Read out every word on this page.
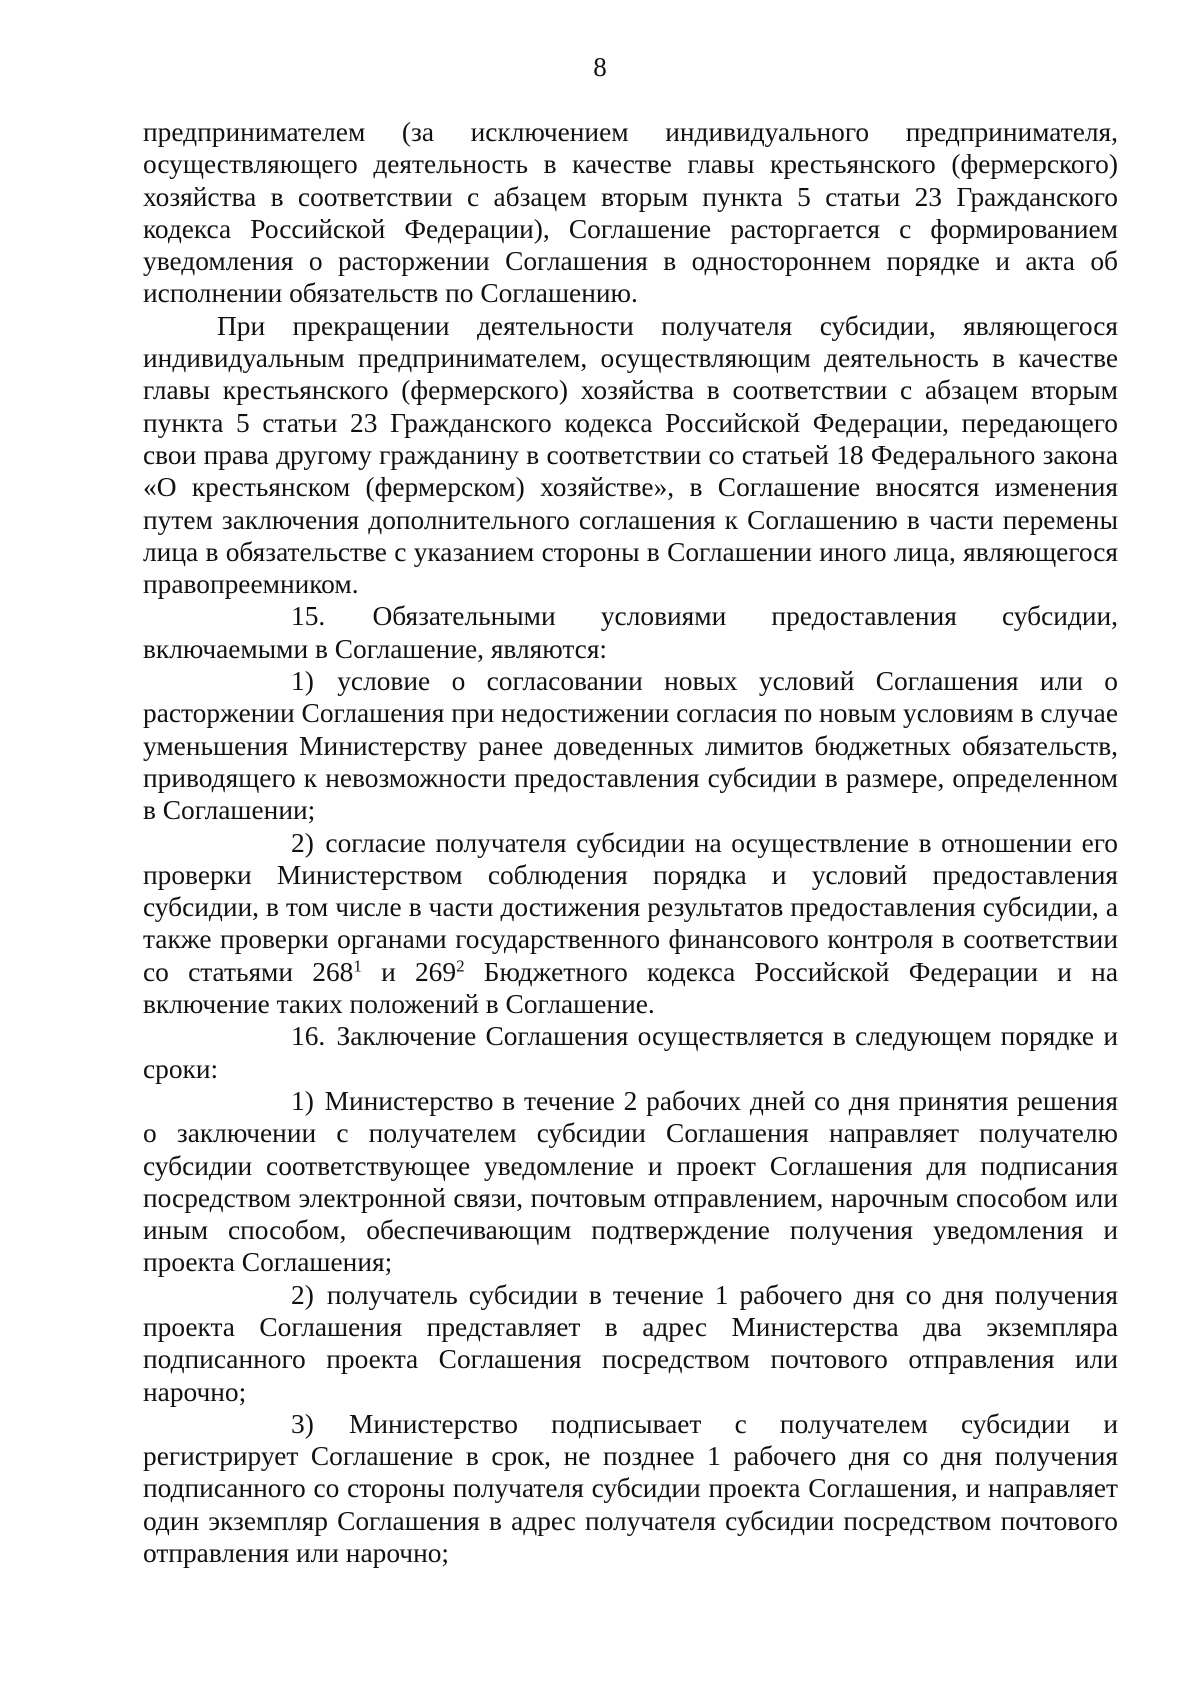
8

предпринимателем (за исключением индивидуального предпринимателя, осуществляющего деятельность в качестве главы крестьянского (фермерского) хозяйства в соответствии с абзацем вторым пункта 5 статьи 23 Гражданского кодекса Российской Федерации), Соглашение расторгается с формированием уведомления о расторжении Соглашения в одностороннем порядке и акта об исполнении обязательств по Соглашению.

При прекращении деятельности получателя субсидии, являющегося индивидуальным предпринимателем, осуществляющим деятельность в качестве главы крестьянского (фермерского) хозяйства в соответствии с абзацем вторым пункта 5 статьи 23 Гражданского кодекса Российской Федерации, передающего свои права другому гражданину в соответствии со статьей 18 Федерального закона «О крестьянском (фермерском) хозяйстве», в Соглашение вносятся изменения путем заключения дополнительного соглашения к Соглашению в части перемены лица в обязательстве с указанием стороны в Соглашении иного лица, являющегося правопреемником.

15. Обязательными условиями предоставления субсидии, включаемыми в Соглашение, являются:

1) условие о согласовании новых условий Соглашения или о расторжении Соглашения при недостижении согласия по новым условиям в случае уменьшения Министерству ранее доведенных лимитов бюджетных обязательств, приводящего к невозможности предоставления субсидии в размере, определенном в Соглашении;

2) согласие получателя субсидии на осуществление в отношении его проверки Министерством соблюдения порядка и условий предоставления субсидии, в том числе в части достижения результатов предоставления субсидии, а также проверки органами государственного финансового контроля в соответствии со статьями $268^1$ и $269^2$ Бюджетного кодекса Российской Федерации и на включение таких положений в Соглашение.

16. Заключение Соглашения осуществляется в следующем порядке и сроки:

1) Министерство в течение 2 рабочих дней со дня принятия решения о заключении с получателем субсидии Соглашения направляет получателю субсидии соответствующее уведомление и проект Соглашения для подписания посредством электронной связи, почтовым отправлением, нарочным способом или иным способом, обеспечивающим подтверждение получения уведомления и проекта Соглашения;

2) получатель субсидии в течение 1 рабочего дня со дня получения проекта Соглашения представляет в адрес Министерства два экземпляра подписанного проекта Соглашения посредством почтового отправления или нарочно;

3) Министерство подписывает с получателем субсидии и регистрирует Соглашение в срок, не позднее 1 рабочего дня со дня получения подписанного со стороны получателя субсидии проекта Соглашения, и направляет один экземпляр Соглашения в адрес получателя субсидии посредством почтового отправления или нарочно;
